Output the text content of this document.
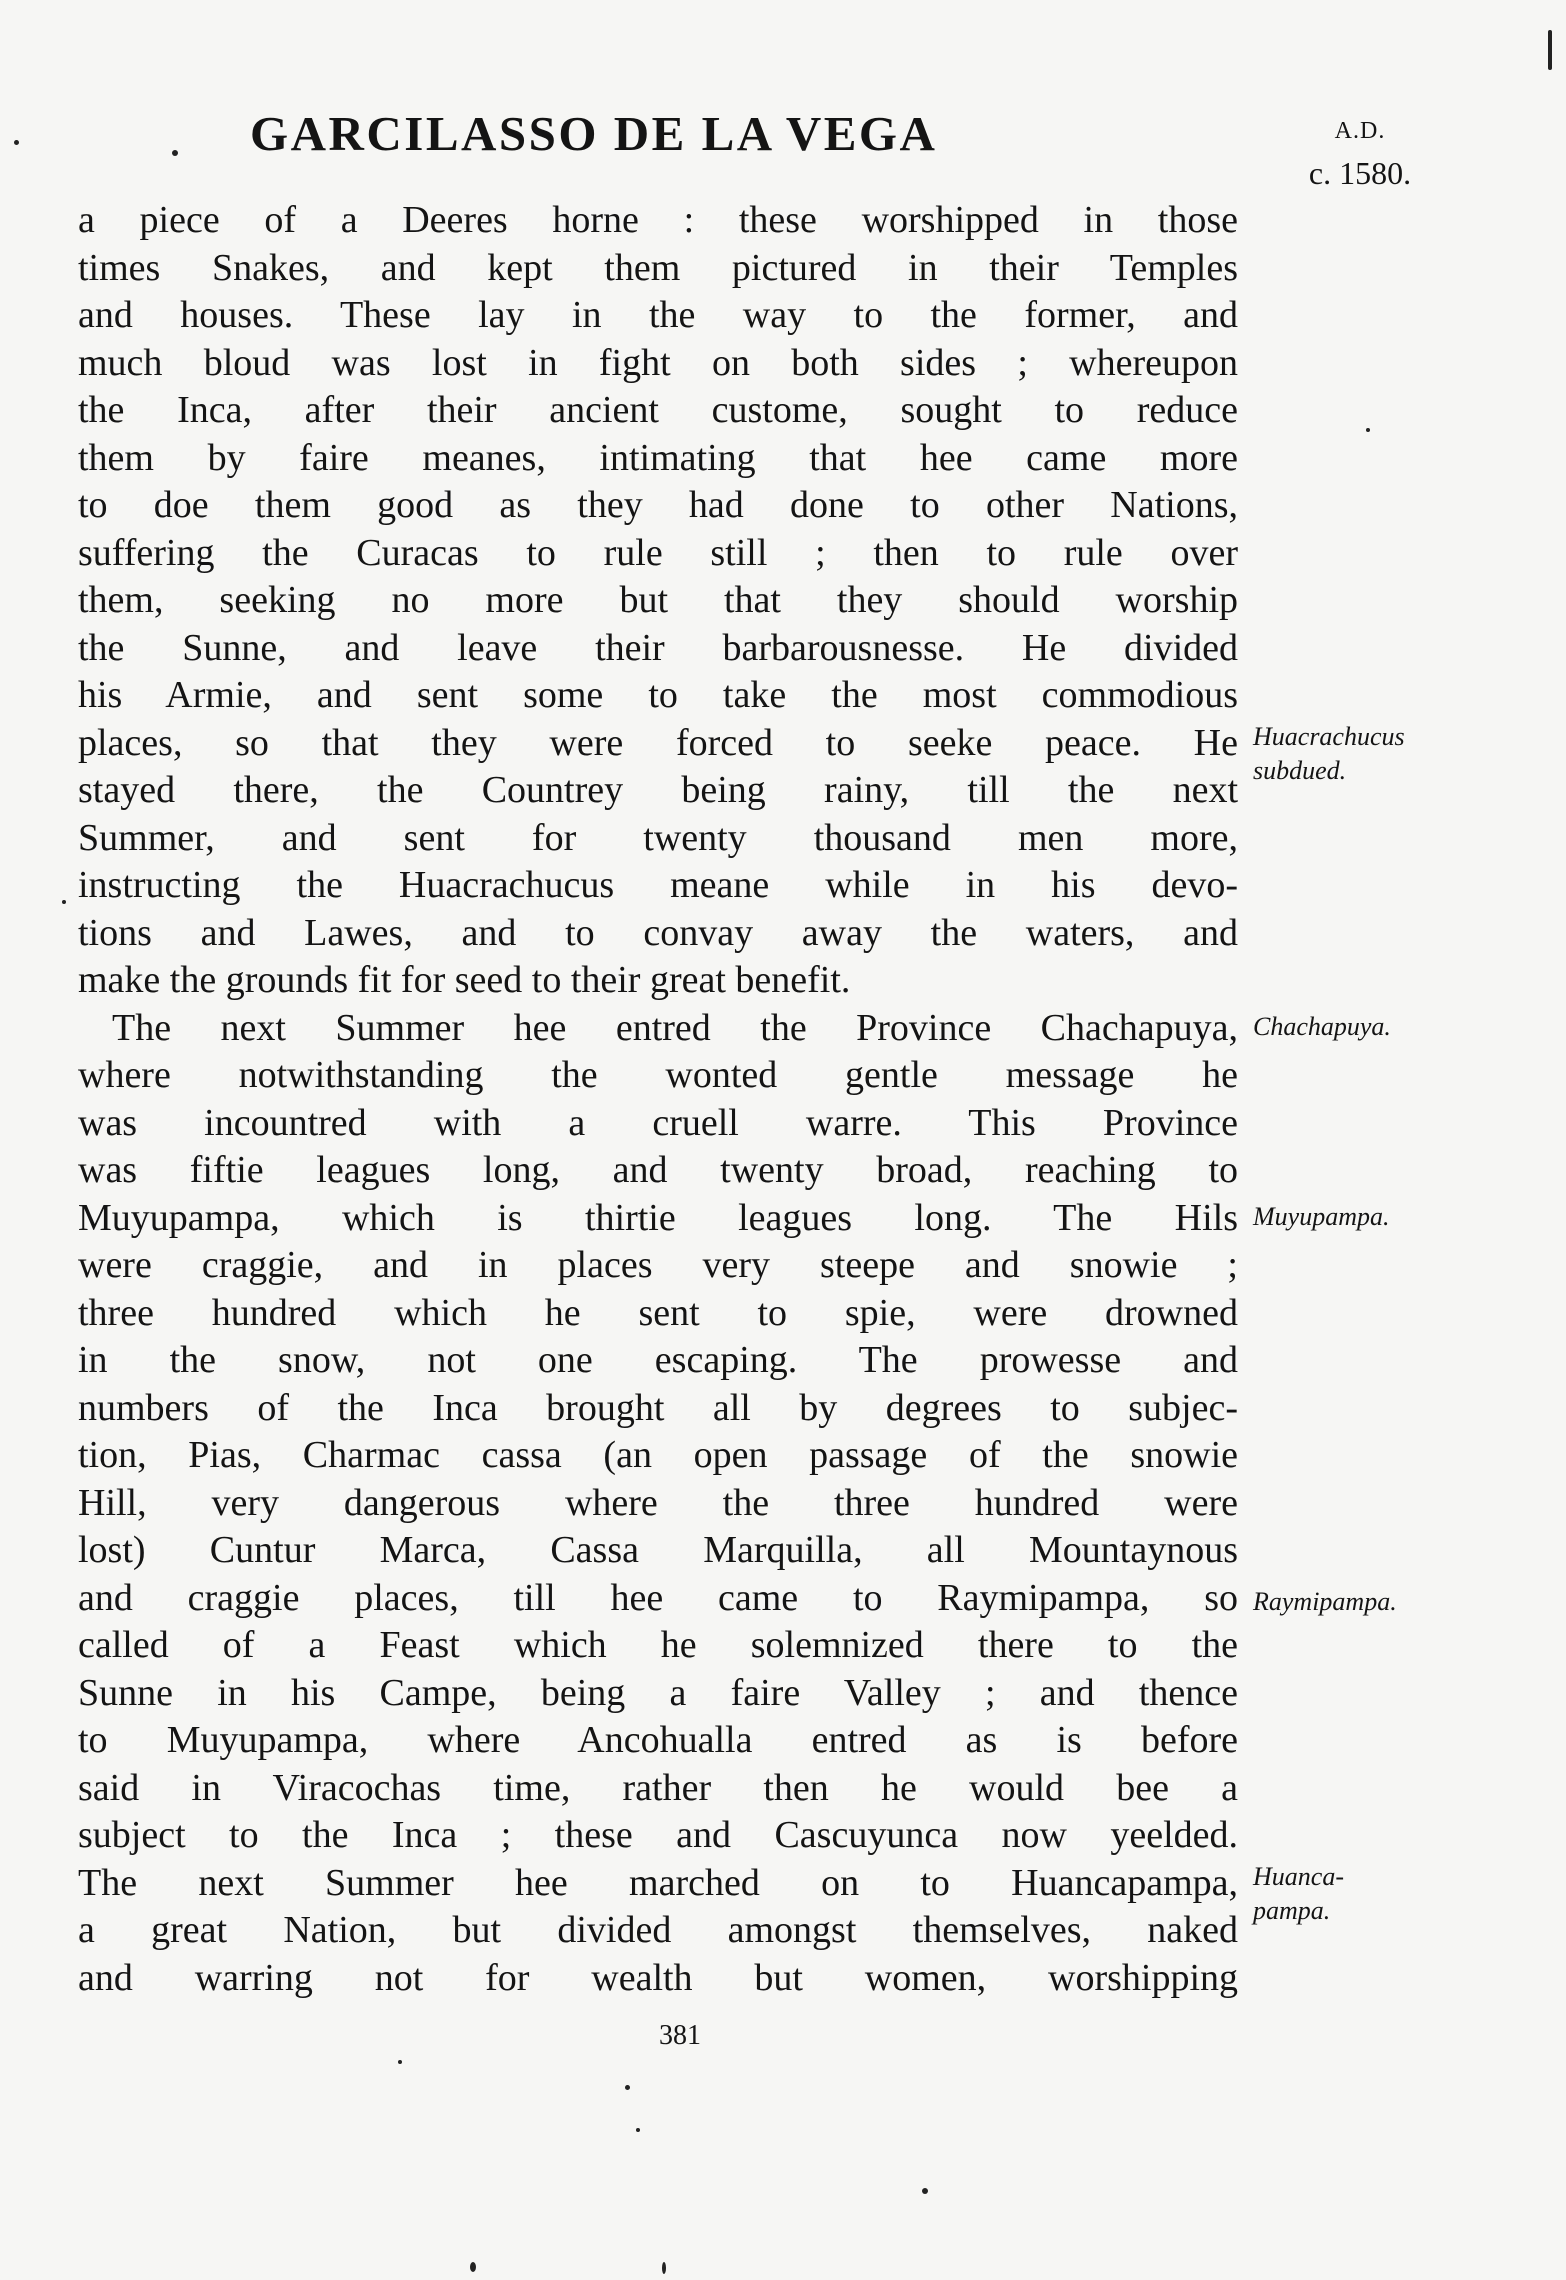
GARCILASSO DE LA VEGA	A.D.
c. 1580.
a piece of a Deeres horne : these worshipped in those
times Snakes, and kept them pictured in their Temples
and houses. These lay in the way to the former, and
much bloud was lost in fight on both sides ; whereupon
the Inca, after their ancient custome, sought to reduce
them by faire meanes, intimating that hee came more
to doe them good as they had done to other Nations,
suffering the Curacas to rule still ; then to rule over
them, seeking no more but that they should worship
the Sunne, and leave their barbarousnesse. He divided
his Armie, and sent some to take the most commodious
places, so that they were forced to seeke peace. He
stayed there, the Countrey being rainy, till the next
Summer, and sent for twenty thousand men more,
instructing the Huacrachucus meane while in his devo-
tions and Lawes, and to convay away the waters, and
make the grounds fit for seed to their great benefit.
The next Summer hee entred the Province Chachapuya,
where notwithstanding the wonted gentle message he
was incountred with a cruell warre. This Province
was fiftie leagues long, and twenty broad, reaching to
Muyupampa, which is thirtie leagues long. The Hils
were craggie, and in places very steepe and snowie ;
three hundred which he sent to spie, were drowned
in the snow, not one escaping. The prowesse and
numbers of the Inca brought all by degrees to subjec-
tion, Pias, Charmac cassa (an open passage of the snowie
Hill, very dangerous where the three hundred were
lost) Cuntur Marca, Cassa Marquilla, all Mountaynous
and craggie places, till hee came to Raymipampa, so
called of a Feast which he solemnized there to the
Sunne in his Campe, being a faire Valley ; and thence
to Muyupampa, where Ancohualla entred as is before
said in Viracochas time, rather then he would bee a
subject to the Inca ; these and Cascuyunca now yeelded.
The next Summer hee marched on to Huancapampa,
a great Nation, but divided amongst themselves, naked
and warring not for wealth but women, worshipping
Huacrachucus
subdued.
Chachapuya.
Muyupampa.
Raymipampa.
Huanca-
pampa.
381
